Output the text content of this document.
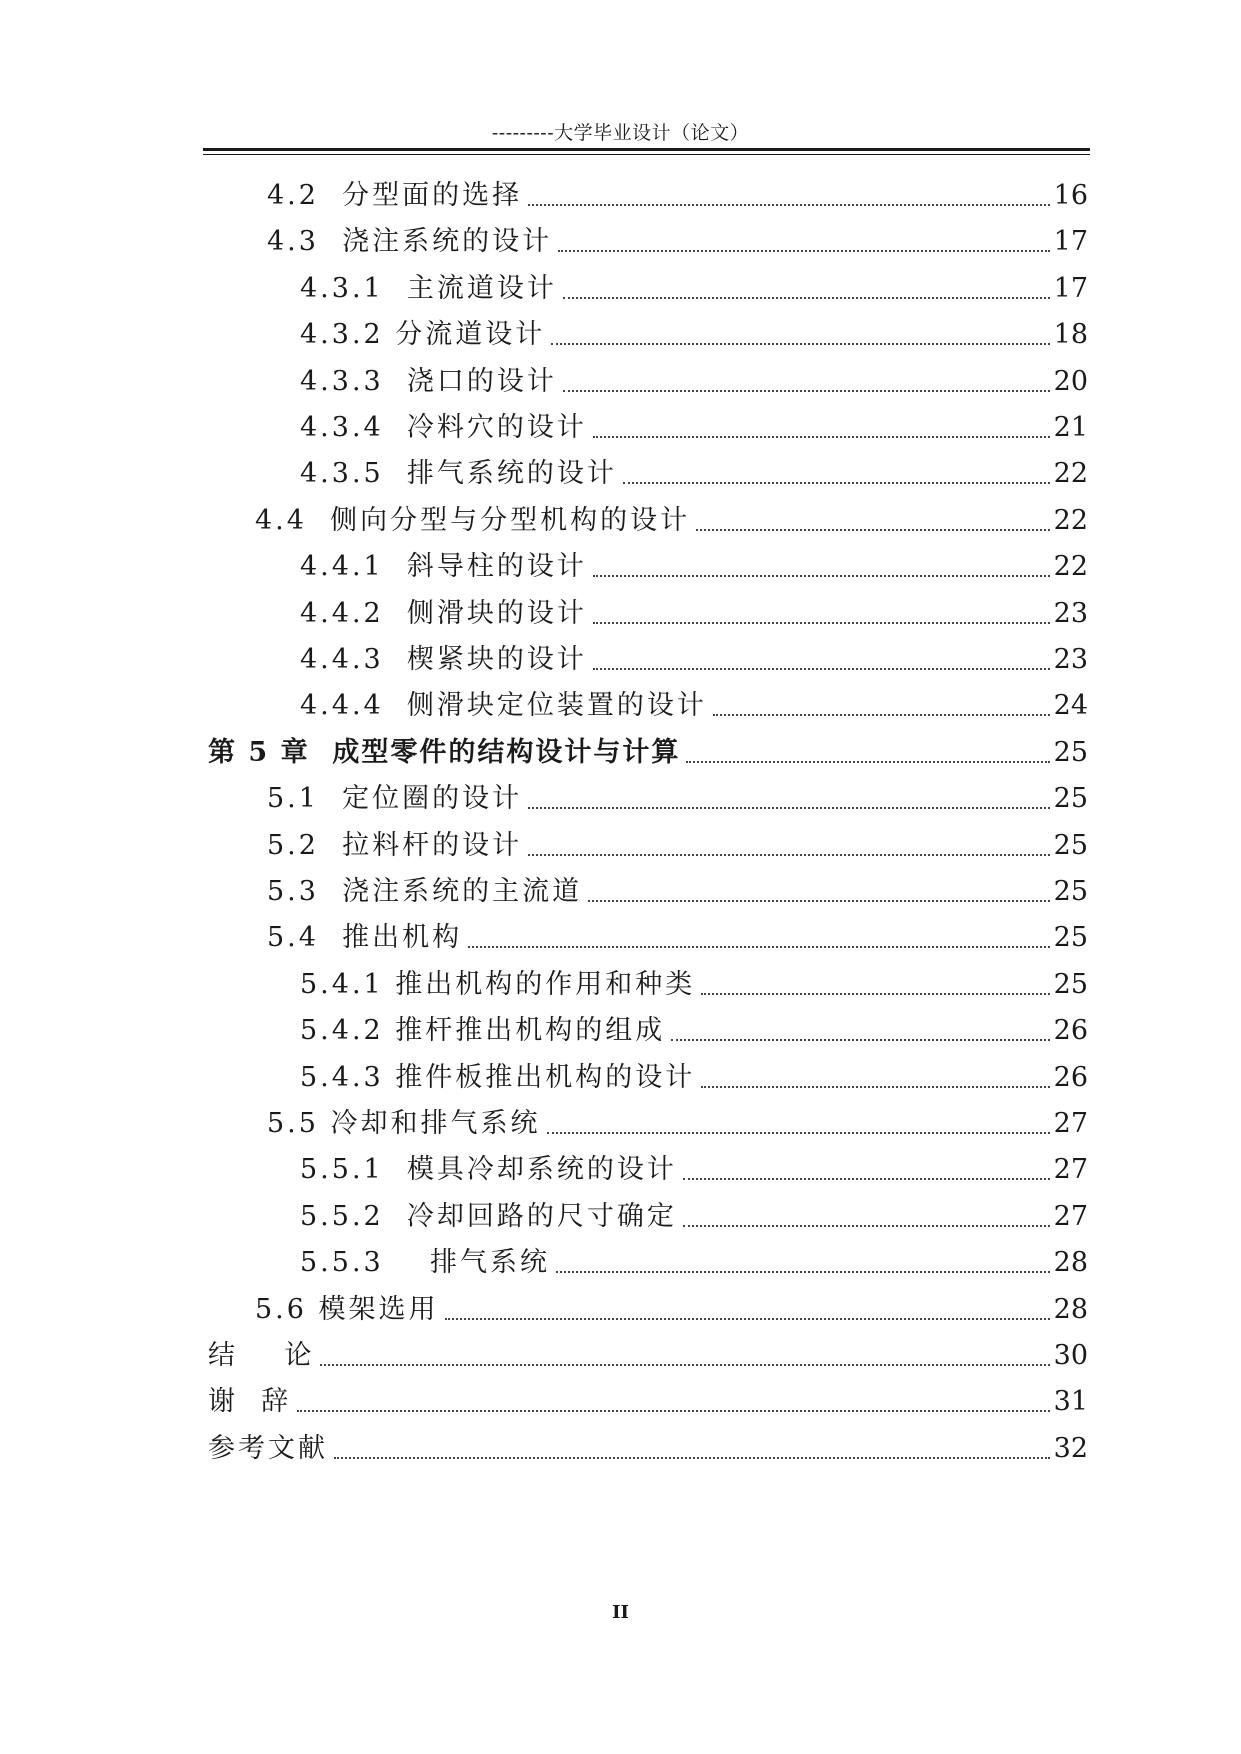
---------大学毕业设计（论文）
4.2  分型面的选择	16
4.3  浇注系统的设计	17
4.3.1  主流道设计	17
4.3.2 分流道设计	18
4.3.3  浇口的设计	20
4.3.4  冷料穴的设计	21
4.3.5  排气系统的设计	22
4.4  侧向分型与分型机构的设计	22
4.4.1  斜导柱的设计	22
4.4.2  侧滑块的设计	23
4.4.3  楔紧块的设计	23
4.4.4  侧滑块定位装置的设计	24
第 5 章  成型零件的结构设计与计算	25
5.1  定位圈的设计	25
5.2  拉料杆的设计	25
5.3  浇注系统的主流道	25
5.4  推出机构	25
5.4.1 推出机构的作用和种类	25
5.4.2 推杆推出机构的组成	26
5.4.3 推件板推出机构的设计	26
5.5 冷却和排气系统	27
5.5.1  模具冷却系统的设计	27
5.5.2  冷却回路的尺寸确定	27
5.5.3    排气系统	28
5.6 模架选用	28
结    论	30
谢  辞	31
参考文献	32
II
